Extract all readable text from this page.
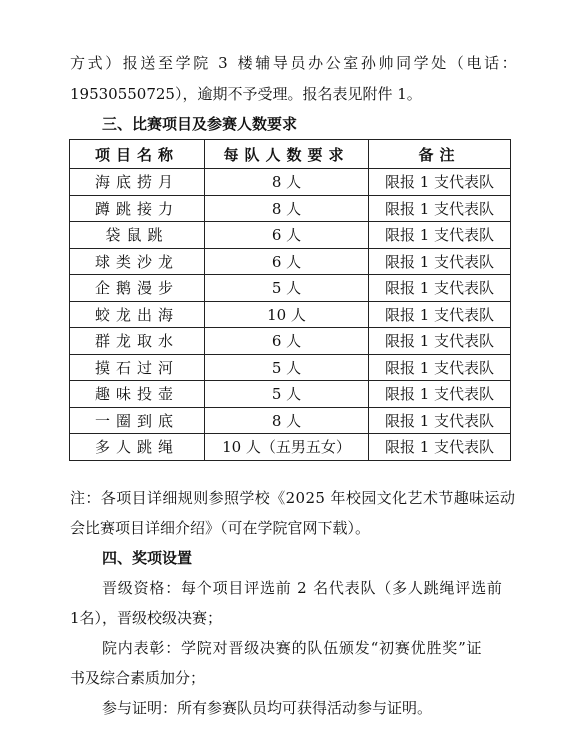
方式）报送至学院 3 楼辅导员办公室孙帅同学处（电话：
19530550725），逾期不予受理。报名表见附件 1。
三、比赛项目及参赛人数要求
项目名称	每队人数要求	备注
海底捞月	8 人	限报 1 支代表队
蹲跳接力	8 人	限报 1 支代表队
袋鼠跳	6 人	限报 1 支代表队
球类沙龙	6 人	限报 1 支代表队
企鹅漫步	5 人	限报 1 支代表队
蛟龙出海	10 人	限报 1 支代表队
群龙取水	6 人	限报 1 支代表队
摸石过河	5 人	限报 1 支代表队
趣味投壶	5 人	限报 1 支代表队
一圈到底	8 人	限报 1 支代表队
多人跳绳	10 人（五男五女）	限报 1 支代表队
注：各项目详细规则参照学校《2025 年校园文化艺术节趣味运动
会比赛项目详细介绍》（可在学院官网下载）。
四、奖项设置
晋级资格：每个项目评选前 2 名代表队（多人跳绳评选前
1名），晋级校级决赛；
院内表彰：学院对晋级决赛的队伍颁发“初赛优胜奖”证
书及综合素质加分；
参与证明：所有参赛队员均可获得活动参与证明。
